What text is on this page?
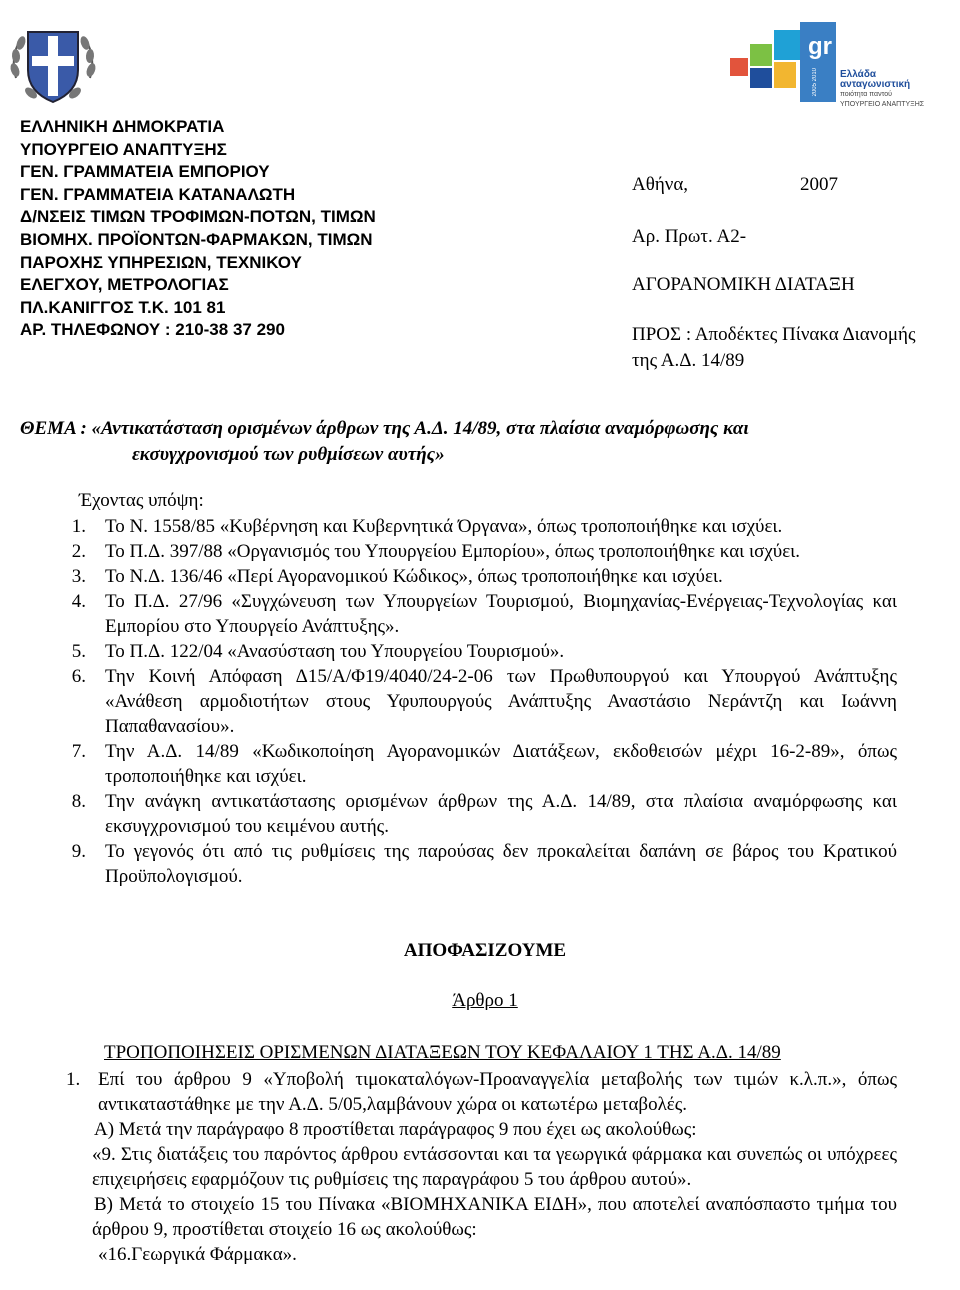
gr
2005 2010	Ελλάδα
ανταγωνιστική
ποιότητα παντού
ΥΠΟΥΡΓΕΙΟ ΑΝΑΠΤΥΞΗΣ
ΕΛΛΗΝΙΚΗ ΔΗΜΟΚΡΑΤΙΑ
ΥΠΟΥΡΓΕΙΟ ΑΝΑΠΤΥΞΗΣ
ΓΕΝ. ΓΡΑΜΜΑΤΕΙΑ ΕΜΠΟΡΙΟΥ
ΓΕΝ. ΓΡΑΜΜΑΤΕΙΑ ΚΑΤΑΝΑΛΩΤΗ
Δ/ΝΣΕΙΣ ΤΙΜΩΝ ΤΡΟΦΙΜΩΝ-ΠΟΤΩΝ, ΤΙΜΩΝ
ΒΙΟΜΗΧ. ΠΡΟΪΟΝΤΩΝ-ΦΑΡΜΑΚΩΝ, ΤΙΜΩΝ
ΠΑΡΟΧΗΣ ΥΠΗΡΕΣΙΩΝ, ΤΕΧΝΙΚΟΥ
ΕΛΕΓΧΟΥ, ΜΕΤΡΟΛΟΓΙΑΣ
ΠΛ.ΚΑΝΙΓΓΟΣ Τ.Κ. 101 81
ΑΡ. ΤΗΛΕΦΩΝΟΥ : 210-38 37 290
Αθήνα,	2007
Αρ. Πρωτ. Α2-
ΑΓΟΡΑΝΟΜΙΚΗ ΔΙΑΤΑΞΗ
ΠΡΟΣ : Αποδέκτες Πίνακα Διανομής
της Α.Δ. 14/89
ΘΕΜΑ : «Αντικατάσταση ορισμένων άρθρων της Α.Δ. 14/89, στα πλαίσια αναμόρφωσης και
εκσυγχρονισμού των ρυθμίσεων αυτής»
Έχοντας υπόψη:
1. Το Ν. 1558/85 «Κυβέρνηση και Κυβερνητικά Όργανα», όπως τροποποιήθηκε και ισχύει.
2. Το Π.Δ. 397/88 «Οργανισμός του Υπουργείου Εμπορίου», όπως τροποποιήθηκε και ισχύει.
3. Το Ν.Δ. 136/46 «Περί Αγορανομικού Κώδικος», όπως τροποποιήθηκε και ισχύει.
4. Το Π.Δ. 27/96 «Συγχώνευση των Υπουργείων Τουρισμού, Βιομηχανίας-Ενέργειας-Τεχνολογίας και Εμπορίου στο Υπουργείο Ανάπτυξης».
5. Το Π.Δ. 122/04 «Ανασύσταση του Υπουργείου Τουρισμού».
6. Την Κοινή Απόφαση Δ15/Α/Φ19/4040/24-2-06 των Πρωθυπουργού και Υπουργού Ανάπτυξης «Ανάθεση αρμοδιοτήτων στους Υφυπουργούς Ανάπτυξης Αναστάσιο Νεράντζη και Ιωάννη Παπαθανασίου».
7. Την Α.Δ. 14/89 «Κωδικοποίηση Αγορανομικών Διατάξεων, εκδοθεισών μέχρι 16-2-89», όπως τροποποιήθηκε και ισχύει.
8. Την ανάγκη αντικατάστασης ορισμένων άρθρων της Α.Δ. 14/89, στα πλαίσια αναμόρφωσης και εκσυγχρονισμού του κειμένου αυτής.
9. Το γεγονός ότι από τις ρυθμίσεις της παρούσας δεν προκαλείται δαπάνη σε βάρος του Κρατικού Προϋπολογισμού.
ΑΠΟΦΑΣΙΖΟΥΜΕ
Άρθρο 1
ΤΡΟΠΟΠΟΙΗΣΕΙΣ ΟΡΙΣΜΕΝΩΝ ΔΙΑΤΑΞΕΩΝ ΤΟΥ ΚΕΦΑΛΑΙΟΥ 1 ΤΗΣ Α.Δ. 14/89
1. Επί του άρθρου 9 «Υποβολή τιμοκαταλόγων-Προαναγγελία μεταβολής των τιμών κ.λ.π.», όπως αντικαταστάθηκε με την Α.Δ. 5/05,λαμβάνουν χώρα οι κατωτέρω μεταβολές.
Α) Μετά την παράγραφο 8 προστίθεται παράγραφος 9 που έχει ως ακολούθως:
«9. Στις διατάξεις του παρόντος άρθρου εντάσσονται και τα γεωργικά φάρμακα και συνεπώς οι υπόχρεες επιχειρήσεις εφαρμόζουν τις ρυθμίσεις της παραγράφου 5 του άρθρου αυτού».
Β) Μετά το στοιχείο 15 του Πίνακα «ΒΙΟΜΗΧΑΝΙΚΑ ΕΙΔΗ», που αποτελεί αναπόσπαστο τμήμα του άρθρου 9, προστίθεται στοιχείο 16 ως ακολούθως:
«16.Γεωργικά Φάρμακα».
